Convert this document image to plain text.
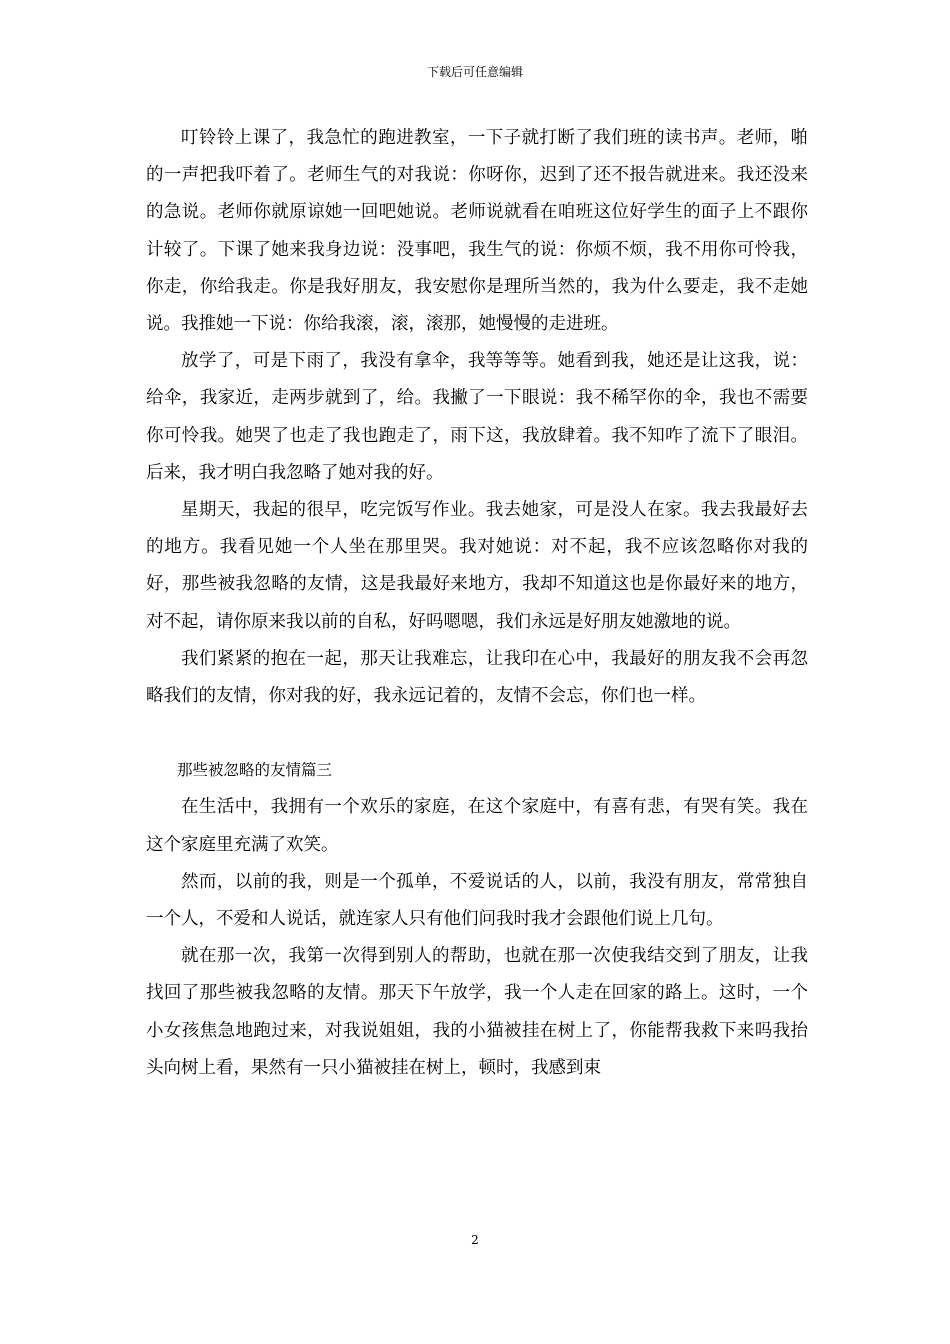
下载后可任意编辑

叮铃铃上课了，我急忙的跑进教室，一下子就打断了我们班的读书声。老师，啪的一声把我吓着了。老师生气的对我说：你呀你，迟到了还不报告就进来。我还没来的急说。老师你就原谅她一回吧她说。老师说就看在咱班这位好学生的面子上不跟你计较了。下课了她来我身边说：没事吧，我生气的说：你烦不烦，我不用你可怜我，你走，你给我走。你是我好朋友，我安慰你是理所当然的，我为什么要走，我不走她说。我推她一下说：你给我滚，滚，滚那，她慢慢的走进班。

放学了，可是下雨了，我没有拿伞，我等等等。她看到我，她还是让这我，说：给伞，我家近，走两步就到了，给。我撇了一下眼说：我不稀罕你的伞，我也不需要你可怜我。她哭了也走了我也跑走了，雨下这，我放肆着。我不知咋了流下了眼泪。后来，我才明白我忽略了她对我的好。

星期天，我起的很早，吃完饭写作业。我去她家，可是没人在家。我去我最好去的地方。我看见她一个人坐在那里哭。我对她说：对不起，我不应该忽略你对我的好，那些被我忽略的友情，这是我最好来地方，我却不知道这也是你最好来的地方，对不起，请你原来我以前的自私，好吗嗯嗯，我们永远是好朋友她激地的说。

我们紧紧的抱在一起，那天让我难忘，让我印在心中，我最好的朋友我不会再忽略我们的友情，你对我的好，我永远记着的，友情不会忘，你们也一样。

那些被忽略的友情篇三

在生活中，我拥有一个欢乐的家庭，在这个家庭中，有喜有悲，有哭有笑。我在这个家庭里充满了欢笑。

然而，以前的我，则是一个孤单，不爱说话的人，以前，我没有朋友，常常独自一个人，不爱和人说话，就连家人只有他们问我时我才会跟他们说上几句。

就在那一次，我第一次得到别人的帮助，也就在那一次使我结交到了朋友，让我找回了那些被我忽略的友情。那天下午放学，我一个人走在回家的路上。这时，一个小女孩焦急地跑过来，对我说姐姐，我的小猫被挂在树上了，你能帮我救下来吗我抬头向树上看，果然有一只小猫被挂在树上，顿时，我感到束

2
